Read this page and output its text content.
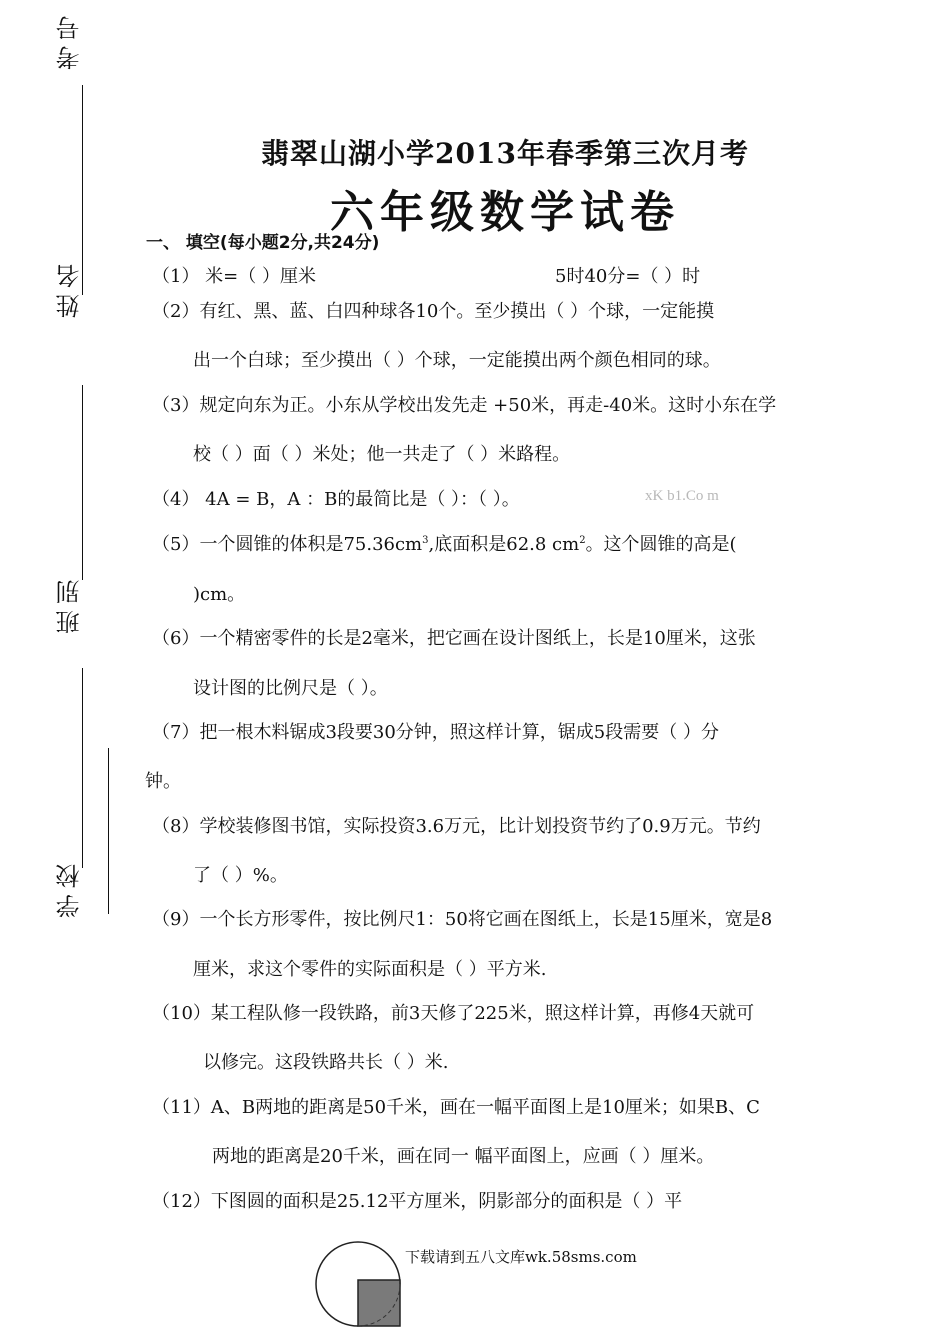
考号
姓名
班别
学校
翡翠山湖小学2013年春季第三次月考
六年级数学试卷
一、 填空(每小题2分,共24分)
（1） 米=（ ）厘米	5时40分=（ ）时
（2）有红、黑、蓝、白四种球各10个。至少摸出（ ）个球，一定能摸
出一个白球；至少摸出（ ）个球，一定能摸出两个颜色相同的球。
（3）规定向东为正。小东从学校出发先走 +50米，再走-40米。这时小东在学
校（ ）面（ ）米处；他一共走了（ ）米路程。
（4） 4A = B，A ：B的最简比是（ ）：（ ）。	xK b1.Co m
（5）一个圆锥的体积是$75.36cm^3$,底面积是62.8 $cm^2$。这个圆锥的高是(
)cm。
（6）一个精密零件的长是2毫米，把它画在设计图纸上，长是10厘米，这张
设计图的比例尺是（ ）。
（7）把一根木料锯成3段要30分钟，照这样计算，锯成5段需要（ ）分
钟。
（8）学校装修图书馆，实际投资3.6万元，比计划投资节约了0.9万元。节约
了（ ）%。
（9）一个长方形零件，按比例尺1：50将它画在图纸上，长是15厘米，宽是8
厘米，求这个零件的实际面积是（ ）平方米.
（10）某工程队修一段铁路，前3天修了225米，照这样计算，再修4天就可
以修完。这段铁路共长（ ）米.
（11）A、B两地的距离是50千米，画在一幅平面图上是10厘米；如果B、C
两地的距离是20千米，画在同一 幅平面图上，应画（ ）厘米。
（12）下图圆的面积是25.12平方厘米，阴影部分的面积是（ ）平
下载请到五八文库wk.58sms.com
